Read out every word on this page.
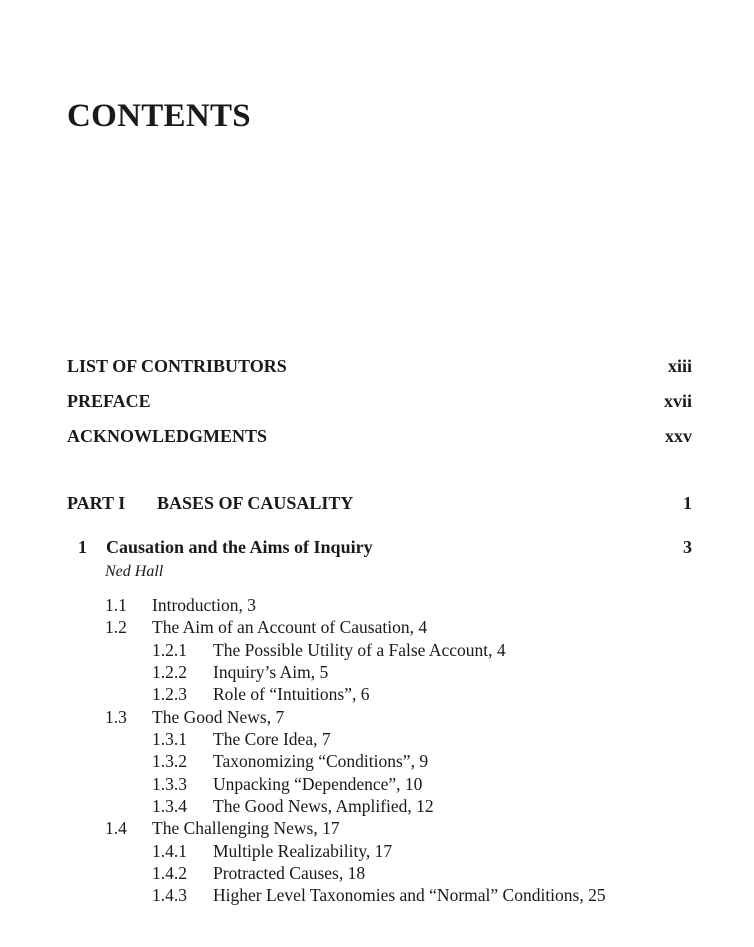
CONTENTS
LIST OF CONTRIBUTORS	xiii
PREFACE	xvii
ACKNOWLEDGMENTS	xxv
PART I BASES OF CAUSALITY	1
1 Causation and the Aims of Inquiry	3
Ned Hall
1.1 Introduction, 3
1.2 The Aim of an Account of Causation, 4
1.2.1 The Possible Utility of a False Account, 4
1.2.2 Inquiry’s Aim, 5
1.2.3 Role of “Intuitions”, 6
1.3 The Good News, 7
1.3.1 The Core Idea, 7
1.3.2 Taxonomizing “Conditions”, 9
1.3.3 Unpacking “Dependence”, 10
1.3.4 The Good News, Amplified, 12
1.4 The Challenging News, 17
1.4.1 Multiple Realizability, 17
1.4.2 Protracted Causes, 18
1.4.3 Higher Level Taxonomies and “Normal” Conditions, 25
